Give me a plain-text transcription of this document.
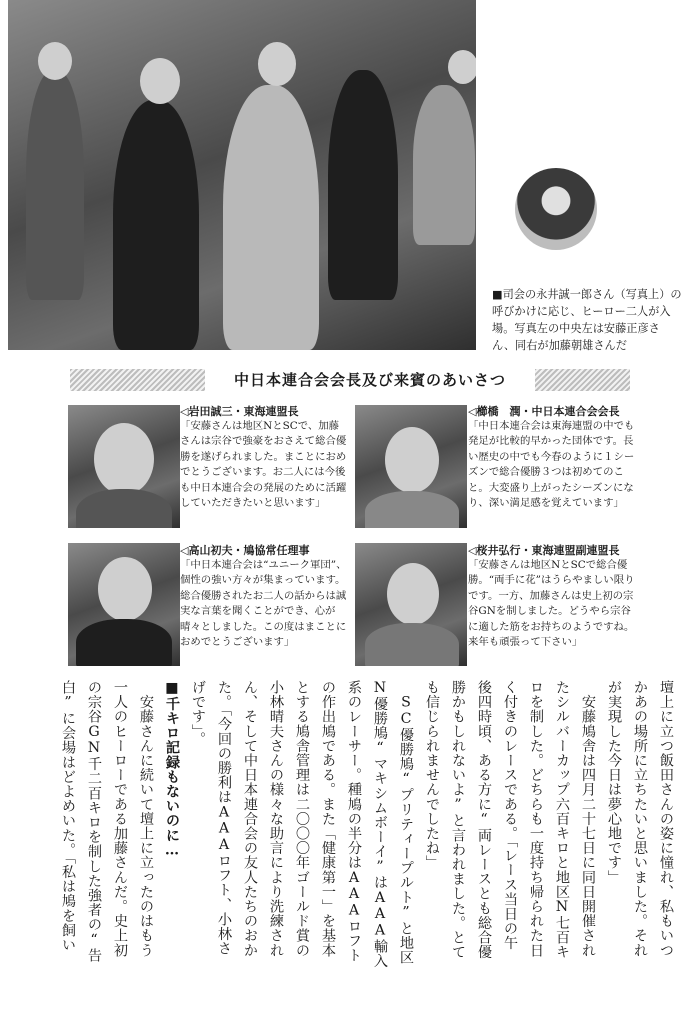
■司会の永井誠一郎さん（写真上）の呼びかけに応じ、ヒーロー二人が入場。写真左の中央左は安藤正彦さん、同右が加藤朝雄さんだ
中日本連合会会長及び来賓のあいさつ
◁岩田誠三・東海連盟長
「安藤さんは地区NとSCで、加藤さんは宗谷で強豪をおさえて総合優勝を遂げられました。まことにおめでとうございます。お二人には今後も中日本連合会の発展のために活躍していただきたいと思います」
◁櫛橋　潤・中日本連合会会長
「中日本連合会は東海連盟の中でも発足が比較的早かった団体です。長い歴史の中でも今春のように１シーズンで総合優勝３つは初めてのこと。大変盛り上がったシーズンになり、深い満足感を覚えています」
◁高山初夫・鳩協常任理事
「中日本連合会は“ユニーク軍団”、個性の強い方々が集まっています。総合優勝されたお二人の話からは誠実な言葉を聞くことができ、心が晴々としました。この度はまことにおめでとうございます」
◁桜井弘行・東海連盟副連盟長
「安藤さんは地区NとSCで総合優勝。“両手に花”はうらやましい限りです。一方、加藤さんは史上初の宗谷GNを制しました。どうやら宗谷に適した筋をお持ちのようですね。来年も頑張って下さい」
壇上に立つ飯田さんの姿に憧れ、私もいつ
かあの場所に立ちたいと思いました。それ
が実現した今日は夢心地です」
　安藤鳩舎は四月二十七日に同日開催され
たシルバーカップ六百キロと地区N七百キ
ロを制した。どちらも一度持ち帰られた日
く付きのレースである。「レース当日の午
後四時頃、ある方に“両レースとも総合優
勝かもしれないよ”と言われました。とて
も信じられませんでしたね」
　SC優勝鳩“プリティープルト”と地区
N優勝鳩“マキシムボーイ”はAAA輸入
系のレーサー。種鳩の半分はAAAロフト
の作出鳩である。また「健康第一」を基本
とする鳩舎管理は二〇〇〇年ゴールド賞の
小林晴夫さんの様々な助言により洗練され
ん、そして中日本連合会の友人たちのおか
た。「今回の勝利はAAAロフト、小林さ
げです」。
■千キロ記録もないのに…
　安藤さんに続いて壇上に立ったのはもう
一人のヒーローである加藤さんだ。史上初
の宗谷GN千二百キロを制した強者の“告
白”に会場はどよめいた。「私は鳩を飼い
